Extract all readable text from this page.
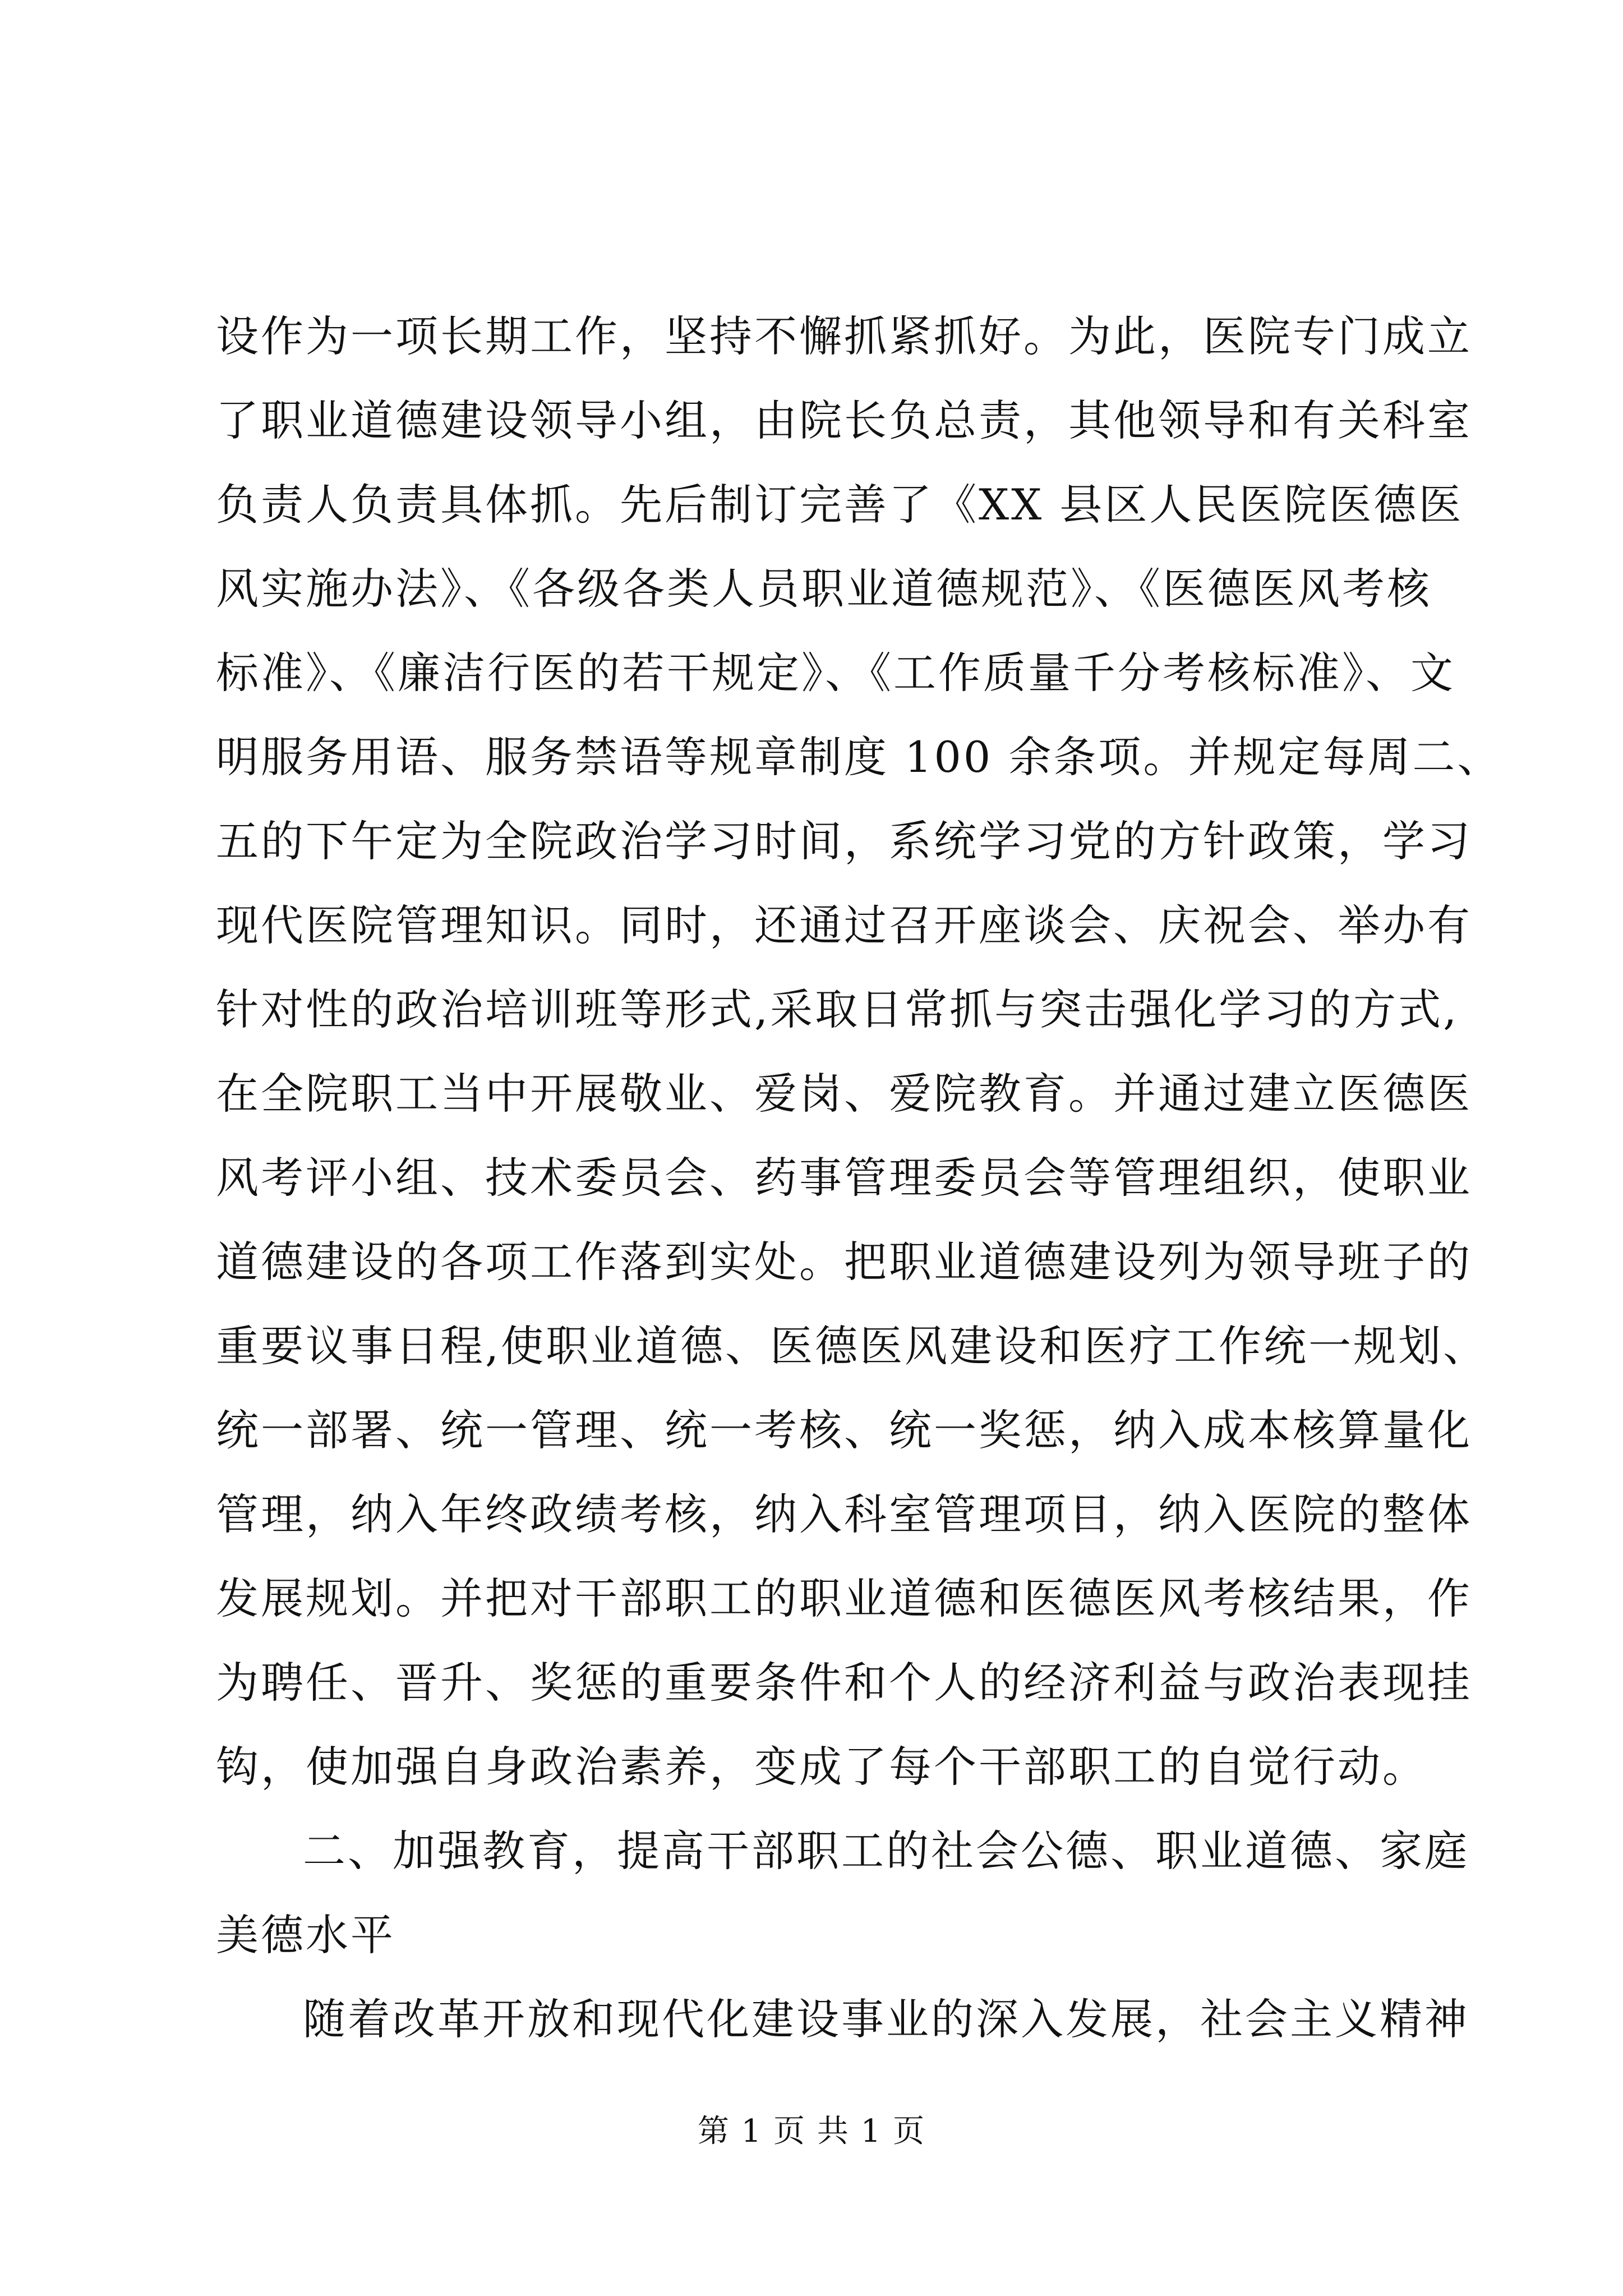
设作为一项长期工作，坚持不懈抓紧抓好。为此，医院专门成立
了职业道德建设领导小组，由院长负总责，其他领导和有关科室
负责人负责具体抓。先后制订完善了《XX 县区人民医院医德医
风实施办法》、《各级各类人员职业道德规范》、《医德医风考核
标准》、《廉洁行医的若干规定》、《工作质量千分考核标准》、文
明服务用语、服务禁语等规章制度 100 余条项。并规定每周二、
五的下午定为全院政治学习时间，系统学习党的方针政策，学习
现代医院管理知识。同时，还通过召开座谈会、庆祝会、举办有
针对性的政治培训班等形式,采取日常抓与突击强化学习的方式,
在全院职工当中开展敬业、爱岗、爱院教育。并通过建立医德医
风考评小组、技术委员会、药事管理委员会等管理组织，使职业
道德建设的各项工作落到实处。把职业道德建设列为领导班子的
重要议事日程,使职业道德、医德医风建设和医疗工作统一规划、
统一部署、统一管理、统一考核、统一奖惩，纳入成本核算量化
管理，纳入年终政绩考核，纳入科室管理项目，纳入医院的整体
发展规划。并把对干部职工的职业道德和医德医风考核结果，作
为聘任、晋升、奖惩的重要条件和个人的经济利益与政治表现挂
钩，使加强自身政治素养，变成了每个干部职工的自觉行动。
二、加强教育，提高干部职工的社会公德、职业道德、家庭
美德水平
随着改革开放和现代化建设事业的深入发展，社会主义精神
第 1 页 共 1 页
